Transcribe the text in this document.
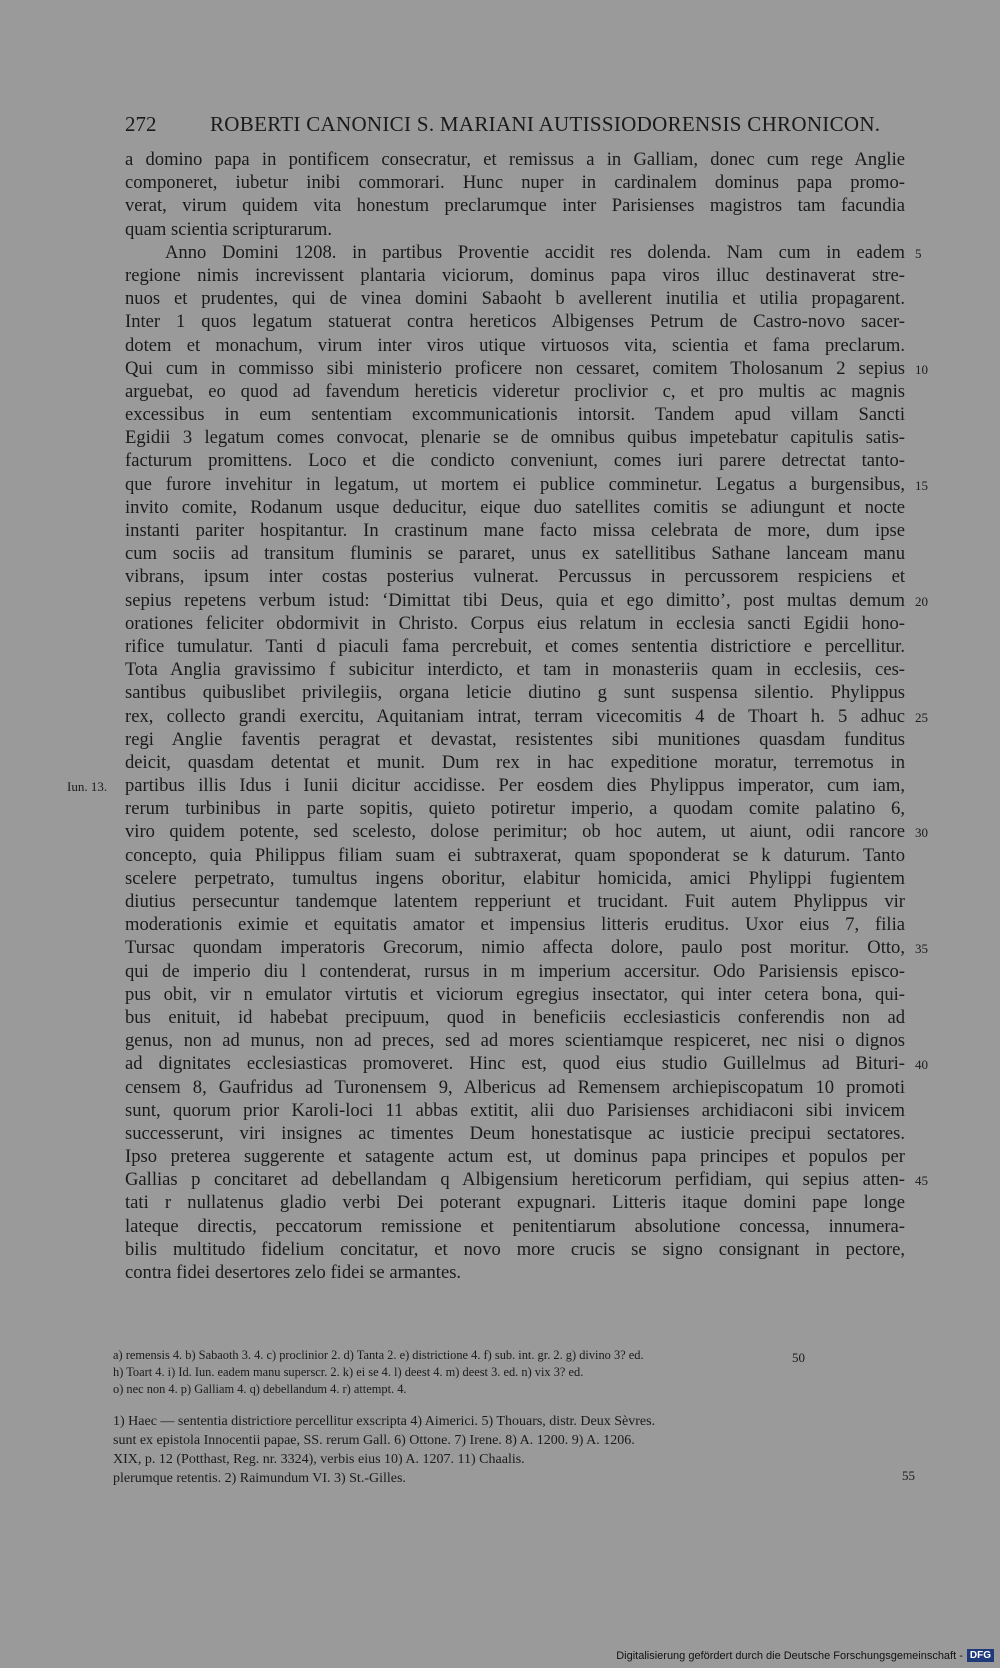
272	ROBERTI CANONICI S. MARIANI AUTISSIODORENSIS CHRONICON.
a domino papa in pontificem consecratur, et remissus a in Galliam, donec cum rege Anglie
componeret, iubetur inibi commorari. Hunc nuper in cardinalem dominus papa promo-
verat, virum quidem vita honestum preclarumque inter Parisienses magistros tam facundia
quam scientia scripturarum.
Anno Domini 1208. in partibus Proventie accidit res dolenda. Nam cum in eadem 5
regione nimis increvissent plantaria viciorum, dominus papa viros illuc destinaverat stre-
nuos et prudentes, qui de vinea domini Sabaoht b avellerent inutilia et utilia propagarent.
Inter 1 quos legatum statuerat contra hereticos Albigenses Petrum de Castro-novo sacer-
dotem et monachum, virum inter viros utique virtuosos vita, scientia et fama preclarum.
Qui cum in commisso sibi ministerio proficere non cessaret, comitem Tholosanum 2 sepius 10
arguebat, eo quod ad favendum hereticis videretur proclivior c, et pro multis ac magnis
excessibus in eum sententiam excommunicationis intorsit. Tandem apud villam Sancti
Egidii 3 legatum comes convocat, plenarie se de omnibus quibus impetebatur capitulis satis-
facturum promittens. Loco et die condicto conveniunt, comes iuri parere detrectat tanto-
que furore invehitur in legatum, ut mortem ei publice comminetur. Legatus a burgensibus, 15
invito comite, Rodanum usque deducitur, eique duo satellites comitis se adiungunt et nocte
instanti pariter hospitantur. In crastinum mane facto missa celebrata de more, dum ipse
cum sociis ad transitum fluminis se pararet, unus ex satellitibus Sathane lanceam manu
vibrans, ipsum inter costas posterius vulnerat. Percussus in percussorem respiciens et
sepius repetens verbum istud: ‘Dimittat tibi Deus, quia et ego dimitto’, post multas demum 20
orationes feliciter obdormivit in Christo. Corpus eius relatum in ecclesia sancti Egidii hono-
rifice tumulatur. Tanti d piaculi fama percrebuit, et comes sententia districtiore e percellitur.
Tota Anglia gravissimo f subicitur interdicto, et tam in monasteriis quam in ecclesiis, ces-
santibus quibuslibet privilegiis, organa leticie diutino g sunt suspensa silentio. Phylippus
rex, collecto grandi exercitu, Aquitaniam intrat, terram vicecomitis 4 de Thoart h. 5 adhuc 25
regi Anglie faventis peragrat et devastat, resistentes sibi munitiones quasdam funditus
deicit, quasdam detentat et munit. Dum rex in hac expeditione moratur, terremotus in
partibus illis Idus i Iunii dicitur accidisse. Per eosdem dies Phylippus imperator, cum iam,
Iun. 13.
rerum turbinibus in parte sopitis, quieto potiretur imperio, a quodam comite palatino 6,
viro quidem potente, sed scelesto, dolose perimitur; ob hoc autem, ut aiunt, odii rancore 30
concepto, quia Philippus filiam suam ei subtraxerat, quam spoponderat se k daturum. Tanto
scelere perpetrato, tumultus ingens oboritur, elabitur homicida, amici Phylippi fugientem
diutius persecuntur tandemque latentem repperiunt et trucidant. Fuit autem Phylippus vir
moderationis eximie et equitatis amator et impensius litteris eruditus. Uxor eius 7, filia
Tursac quondam imperatoris Grecorum, nimio affecta dolore, paulo post moritur. Otto, 35
qui de imperio diu l contenderat, rursus in m imperium accersitur. Odo Parisiensis episco-
pus obit, vir n emulator virtutis et viciorum egregius insectator, qui inter cetera bona, qui-
bus enituit, id habebat precipuum, quod in beneficiis ecclesiasticis conferendis non ad
genus, non ad munus, non ad preces, sed ad mores scientiamque respiceret, nec nisi o dignos
ad dignitates ecclesiasticas promoveret. Hinc est, quod eius studio Guillelmus ad Bituri- 40
censem 8, Gaufridus ad Turonensem 9, Albericus ad Remensem archiepiscopatum 10 promoti
sunt, quorum prior Karoli-loci 11 abbas extitit, alii duo Parisienses archidiaconi sibi invicem
successerunt, viri insignes ac timentes Deum honestatisque ac iusticie precipui sectatores.
Ipso preterea suggerente et satagente actum est, ut dominus papa principes et populos per
Gallias p concitaret ad debellandam q Albigensium hereticorum perfidiam, qui sepius atten- 45
tati r nullatenus gladio verbi Dei poterant expugnari. Litteris itaque domini pape longe
lateque directis, peccatorum remissione et penitentiarum absolutione concessa, innumera-
bilis multitudo fidelium concitatur, et novo more crucis se signo consignant in pectore,
contra fidei desertores zelo fidei se armantes.
a) remensis 4. b) Sabaoth 3. 4. c) proclinior 2. d) Tanta 2. e) districtione 4. f) sub. int. gr. 2. g) divino 3? ed.
h) Toart 4. i) Id. Iun. eadem manu superscr. 2. k) ei se 4. l) deest 4. m) deest 3. ed. n) vix 3? ed.
o) nec non 4. p) Galliam 4. q) debellandum 4. r) attempt. 4.
50
1) Haec — sententia districtiore percellitur exscripta 4) Aimerici. 5) Thouars, distr. Deux Sèvres.
sunt ex epistola Innocentii papae, SS. rerum Gall. 6) Ottone. 7) Irene. 8) A. 1200. 9) A. 1206.
XIX, p. 12 (Potthast, Reg. nr. 3324), verbis eius 10) A. 1207. 11) Chaalis.
plerumque retentis. 2) Raimundum VI. 3) St.-Gilles.	55
Digitalisierung gefördert durch die Deutsche Forschungsgemeinschaft - DFG
